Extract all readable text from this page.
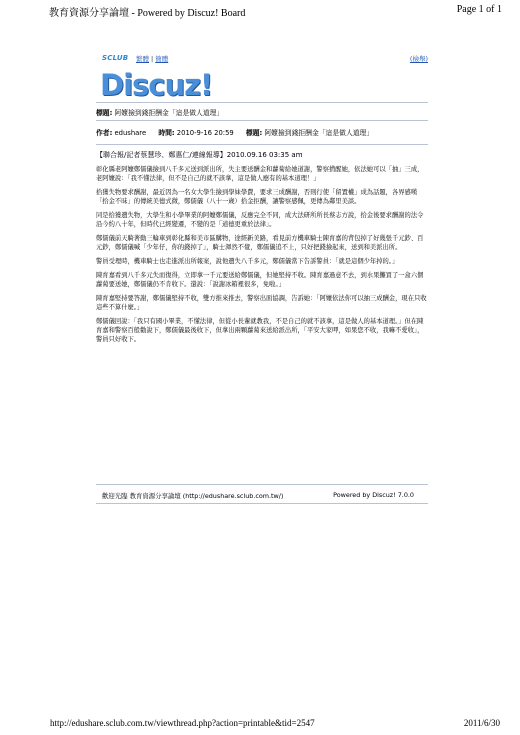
教育資源分享論壇 - Powered by Discuz! Board	Page 1 of 1
SCLUB 繁體 | 簡體	(檢舉)
Discuz!
標題: 阿嬤撿到錢拒酬金「這是做人道理」
作者: edushare 時間: 2010-9-16 20:59 標題: 阿嬤撿到錢拒酬金「這是做人道理」

【聯合報/記者蔡慧珍、鄭惠仁/連線報導】2010.09.16 03:35 am

彰化縣老阿嬤鄭儒儀撿到八千多元送到派出所，失主要送酬金和蘿蔔給她道謝，警察揹醒她，依法她可以「抽」三成，老阿嬤說：「我不懂法律，但不是自己的就不該拿，這是做人應有的基本道理！」

拾獲失物要求酬謝，最近因為一名女大學生撿到學妹學費，要求三成酬謝，否則行使「留置權」成為話題，各界感嘆「拾金不昧」的傳統美德式微，鄭儒儀（八十一歲）拾金拒酬，讓警察感佩，更傳為鄰里美談。

同是拾獲遺失物，大學生和小學畢業的阿嬤鄭儒儀，反應完全不同，成大法研所所長蔡志方說，拾金後要求酬謝的法令沿今約八十年，但時代已經變遷，不變的是「道德更重於法律」。

鄭儒儀前天騎著動三輪車到彰化縣和美市區購物，途經新美路，看見前方機車騎士陳育嘉的背包掉了好幾張千元鈔、百元鈔，鄭儒儀喊「少年仔，你的錢掉了」，騎士渾然不覺，鄭儒儀追不上，只好把錢撿起來，送到和美派出所。

警員受理時，機車騎士也走進派出所報案，說他遺失八千多元，鄭儒儀當下告訴警員：「就是這個少年掉的。」

陳育嘉看到八千多元失而復得，立即拿一千元要送給鄭儒儀，但她堅持不收。陳育嘉過意不去，到水果攤買了一盒六個蘿蔔要送她，鄭儒儀仍不肯收下。還說：「說謝冰箱裡很多，免啦。」

陳育嘉堅持要答謝，鄭儒儀堅持不收，雙方推來推去，警察出面協調，告訴她：「阿嬤依法你可以抽三成酬金，現在只收這些不算什麼。」

鄭儒儀回說：「我只有國小畢業，不懂法律，但從小長輩就教我，不是自己的就不該拿，這是做人的基本道理。」但在陳育嘉和警察百般勸說下，鄭儒儀最後收下，但拿出兩顆蘿蔔來送給派出所，「平安大家呷，如果您不收，我嘛不愛收」，警員只好收下。

歡迎光臨 教育資源分享論壇 (http://edushare.sclub.com.tw/)	Powered by Discuz! 7.0.0
http://edushare.sclub.com.tw/viewthread.php?action=printable&tid=2547	2011/6/30
